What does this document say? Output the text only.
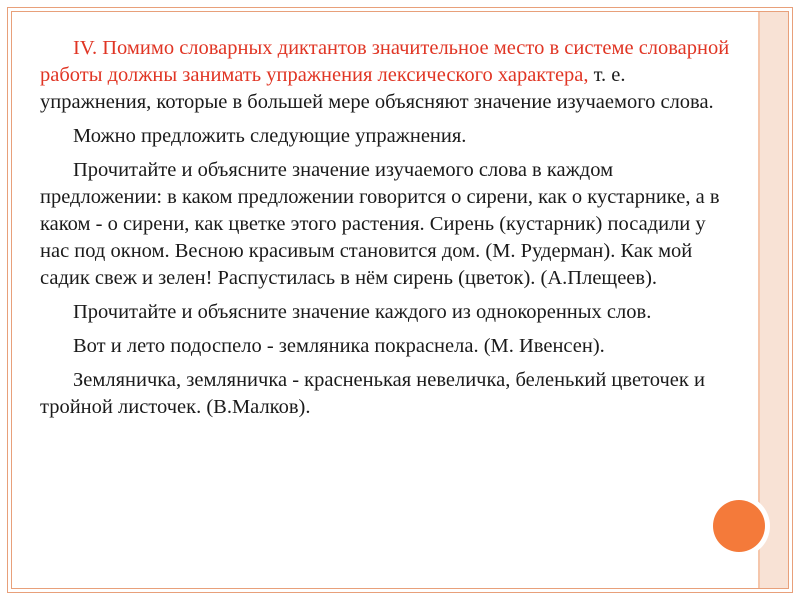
IV. Помимо словарных диктантов значительное место в системе словарной работы должны занимать упражнения лексического характера, т. е. упражнения, которые в большей мере объясняют значение изучаемого слова.

Можно предложить следующие упражнения.

Прочитайте и объясните значение изучаемого слова в каждом предложении: в каком предложении говорится о сирени, как о кустарнике, а в каком - о сирени, как цветке этого растения. Сирень (кустарник) посадили у нас под окном. Весною красивым становится дом. (М. Рудерман). Как мой садик свеж и зелен! Распустилась в нём сирень (цветок). (А.Плещеев).

Прочитайте и объясните значение каждого из однокоренных слов.

Вот и лето подоспело - земляника покраснела. (М. Ивенсен).

Земляничка, земляничка - красненькая невеличка, беленький цветочек и тройной листочек. (В.Малков).
